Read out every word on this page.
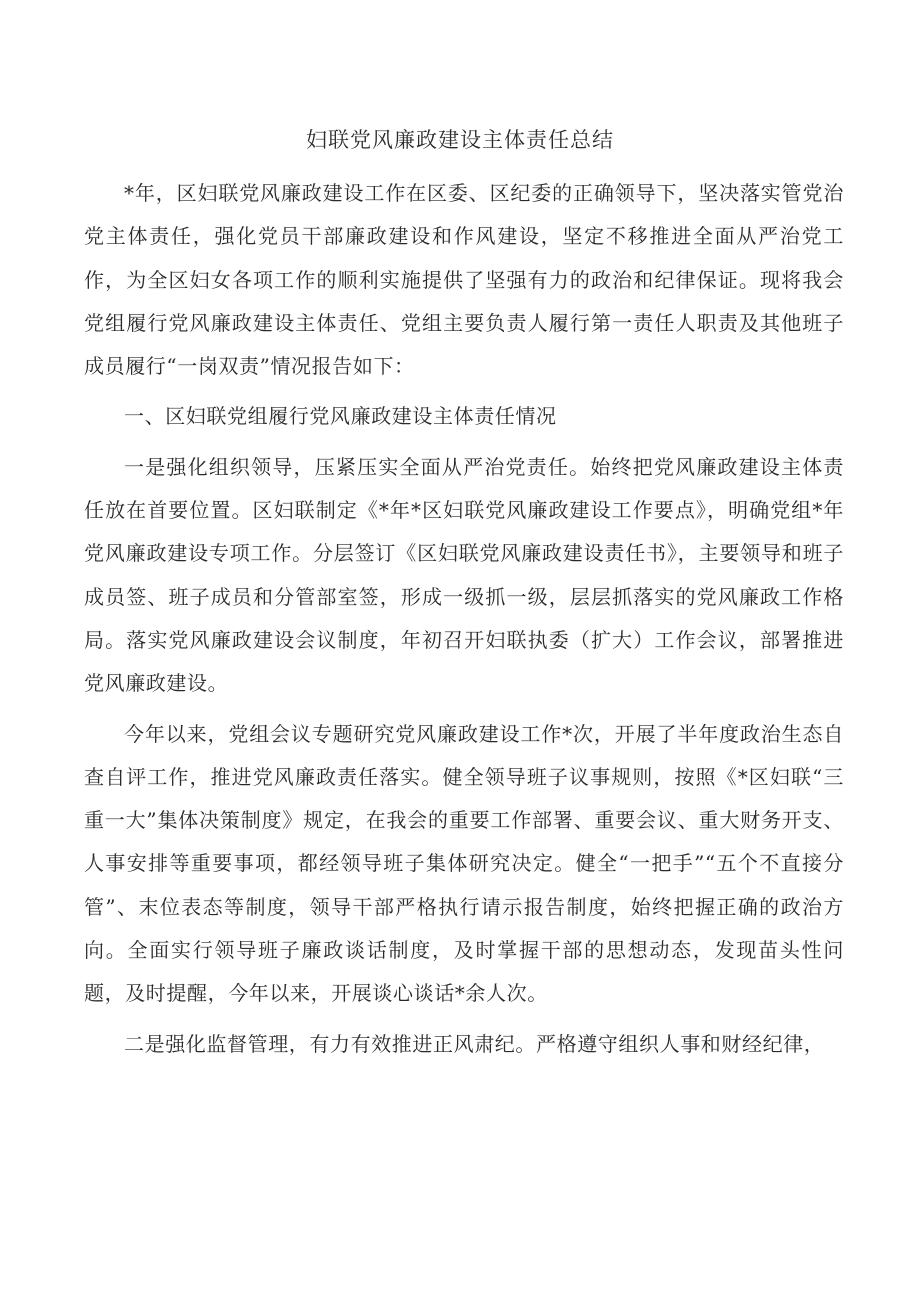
妇联党风廉政建设主体责任总结

*年，区妇联党风廉政建设工作在区委、区纪委的正确领导下，坚决落实管党治党主体责任，强化党员干部廉政建设和作风建设，坚定不移推进全面从严治党工作，为全区妇女各项工作的顺利实施提供了坚强有力的政治和纪律保证。现将我会党组履行党风廉政建设主体责任、党组主要负责人履行第一责任人职责及其他班子成员履行“一岗双责”情况报告如下：

一、区妇联党组履行党风廉政建设主体责任情况

一是强化组织领导，压紧压实全面从严治党责任。始终把党风廉政建设主体责任放在首要位置。区妇联制定《*年*区妇联党风廉政建设工作要点》，明确党组*年党风廉政建设专项工作。分层签订《区妇联党风廉政建设责任书》，主要领导和班子成员签、班子成员和分管部室签，形成一级抓一级，层层抓落实的党风廉政工作格局。落实党风廉政建设会议制度，年初召开妇联执委（扩大）工作会议，部署推进党风廉政建设。

今年以来，党组会议专题研究党风廉政建设工作*次，开展了半年度政治生态自查自评工作，推进党风廉政责任落实。健全领导班子议事规则，按照《*区妇联“三重一大”集体决策制度》规定，在我会的重要工作部署、重要会议、重大财务开支、人事安排等重要事项，都经领导班子集体研究决定。健全“一把手”“五个不直接分管”、末位表态等制度，领导干部严格执行请示报告制度，始终把握正确的政治方向。全面实行领导班子廉政谈话制度，及时掌握干部的思想动态，发现苗头性问题，及时提醒，今年以来，开展谈心谈话*余人次。

二是强化监督管理，有力有效推进正风肃纪。严格遵守组织人事和财经纪律，
